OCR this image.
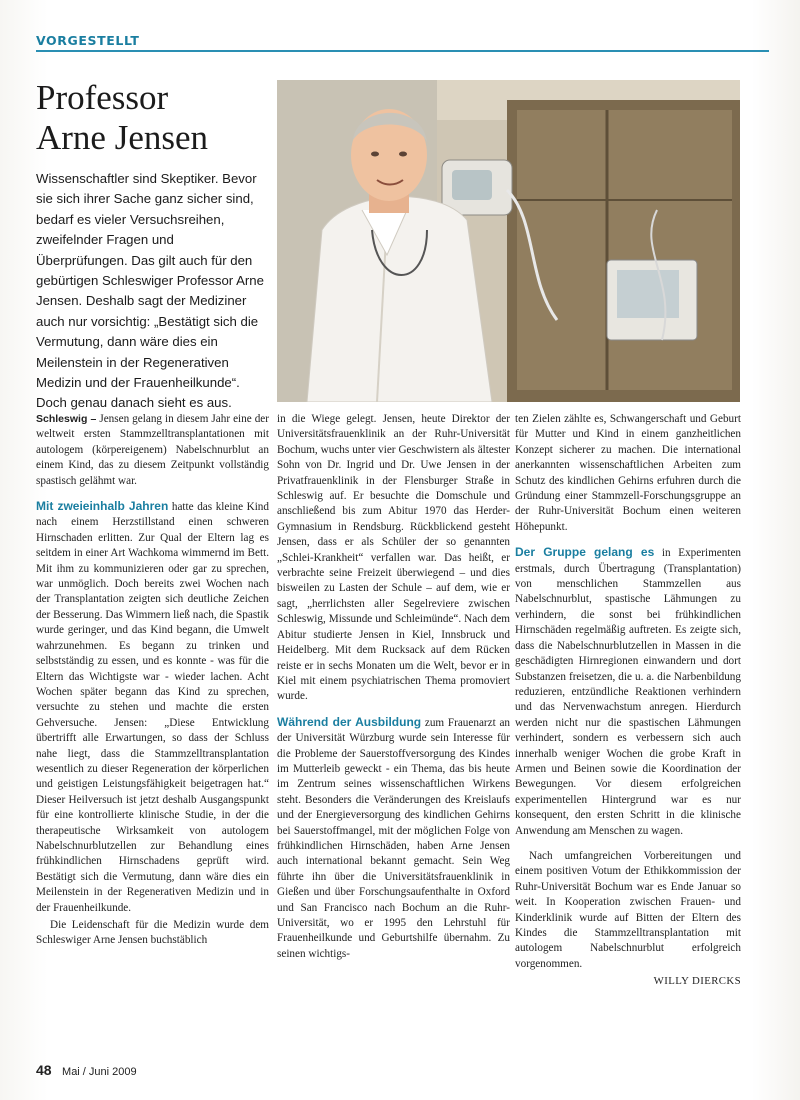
VORGESTELLT
Professor
Arne Jensen

Wissenschaftler sind Skeptiker. Bevor sie sich ihrer Sache ganz sicher sind, bedarf es vieler Versuchsreihen, zweifelnder Fragen und Überprüfungen. Das gilt auch für den gebürtigen Schleswiger Professor Arne Jensen. Deshalb sagt der Mediziner auch nur vorsichtig: „Bestätigt sich die Vermutung, dann wäre dies ein Meilenstein in der Regenerativen Medizin und der Frauenheilkunde“. Doch genau danach sieht es aus.

Schleswig – Jensen gelang in diesem Jahr eine der weltweit ersten Stammzelltransplantationen mit autologem (körpereigenem) Nabelschnurblut an einem Kind, das zu diesem Zeitpunkt vollständig spastisch gelähmt war.

Mit zweieinhalb Jahren hatte das kleine Kind nach einem Herzstillstand einen schweren Hirnschaden erlitten. Zur Qual der Eltern lag es seitdem in einer Art Wachkoma wimmernd im Bett. Mit ihm zu kommunizieren oder gar zu sprechen, war unmöglich. Doch bereits zwei Wochen nach der Transplantation zeigten sich deutliche Zeichen der Besserung. Das Wimmern ließ nach, die Spastik wurde geringer, und das Kind begann, die Umwelt wahrzunehmen. Es begann zu trinken und selbstständig zu essen, und es konnte - was für die Eltern das Wichtigste war - wieder lachen. Acht Wochen später begann das Kind zu sprechen, versuchte zu stehen und machte die ersten Gehversuche. Jensen: „Diese Entwicklung übertrifft alle Erwartungen, so dass der Schluss nahe liegt, dass die Stammzelltransplantation wesentlich zu dieser Regeneration der körperlichen und geistigen Leistungsfähigkeit beigetragen hat.“ Dieser Heilversuch ist jetzt deshalb Ausgangspunkt für eine kontrollierte klinische Studie, in der die therapeutische Wirksamkeit von autologem Nabelschnurblutzellen zur Behandlung eines frühkindlichen Hirnschadens geprüft wird. Bestätigt sich die Vermutung, dann wäre dies ein Meilenstein in der Regenerativen Medizin und in der Frauenheilkunde.

Die Leidenschaft für die Medizin wurde dem Schleswiger Arne Jensen buchstäblich

in die Wiege gelegt. Jensen, heute Direktor der Universitätsfrauenklinik an der Ruhr-Universität Bochum, wuchs unter vier Geschwistern als ältester Sohn von Dr. Ingrid und Dr. Uwe Jensen in der Privatfrauenklinik in der Flensburger Straße in Schleswig auf. Er besuchte die Domschule und anschließend bis zum Abitur 1970 das Herder-Gymnasium in Rendsburg. Rückblickend gesteht Jensen, dass er als Schüler der so genannten „Schlei-Krankheit“ verfallen war. Das heißt, er verbrachte seine Freizeit überwiegend – und dies bisweilen zu Lasten der Schule – auf dem, wie er sagt, „herrlichsten aller Segelreviere zwischen Schleswig, Missunde und Schleimünde“. Nach dem Abitur studierte Jensen in Kiel, Innsbruck und Heidelberg. Mit dem Rucksack auf dem Rücken reiste er in sechs Monaten um die Welt, bevor er in Kiel mit einem psychiatrischen Thema promoviert wurde.

Während der Ausbildung zum Frauenarzt an der Universität Würzburg wurde sein Interesse für die Probleme der Sauerstoffversorgung des Kindes im Mutterleib geweckt - ein Thema, das bis heute im Zentrum seines wissenschaftlichen Wirkens steht. Besonders die Veränderungen des Kreislaufs und der Energieversorgung des kindlichen Gehirns bei Sauerstoffmangel, mit der möglichen Folge von frühkindlichen Hirnschäden, haben Arne Jensen auch international bekannt gemacht. Sein Weg führte ihn über die Universitätsfrauenklinik in Gießen und über Forschungsaufenthalte in Oxford und San Francisco nach Bochum an die Ruhr-Universität, wo er 1995 den Lehrstuhl für Frauenheilkunde und Geburtshilfe übernahm. Zu seinen wichtigs-

ten Zielen zählte es, Schwangerschaft und Geburt für Mutter und Kind in einem ganzheitlichen Konzept sicherer zu machen. Die international anerkannten wissenschaftlichen Arbeiten zum Schutz des kindlichen Gehirns erfuhren durch die Gründung einer Stammzell-Forschungsgruppe an der Ruhr-Universität Bochum einen weiteren Höhepunkt.

Der Gruppe gelang es in Experimenten erstmals, durch Übertragung (Transplantation) von menschlichen Stammzellen aus Nabelschnurblut, spastische Lähmungen zu verhindern, die sonst bei frühkindlichen Hirnschäden regelmäßig auftreten. Es zeigte sich, dass die Nabelschnurblutzellen in Massen in die geschädigten Hirnregionen einwandern und dort Substanzen freisetzen, die u. a. die Narbenbildung reduzieren, entzündliche Reaktionen verhindern und das Nervenwachstum anregen. Hierdurch werden nicht nur die spastischen Lähmungen verhindert, sondern es verbessern sich auch innerhalb weniger Wochen die grobe Kraft in Armen und Beinen sowie die Koordination der Bewegungen. Vor diesem erfolgreichen experimentellen Hintergrund war es nur konsequent, den ersten Schritt in die klinische Anwendung am Menschen zu wagen.

Nach umfangreichen Vorbereitungen und einem positiven Votum der Ethikkommission der Ruhr-Universität Bochum war es Ende Januar so weit. In Kooperation zwischen Frauen- und Kinderklinik wurde auf Bitten der Eltern des Kindes die Stammzelltransplantation mit autologem Nabelschnurblut erfolgreich vorgenommen.

WILLY DIERCKS
48 Mai / Juni 2009
